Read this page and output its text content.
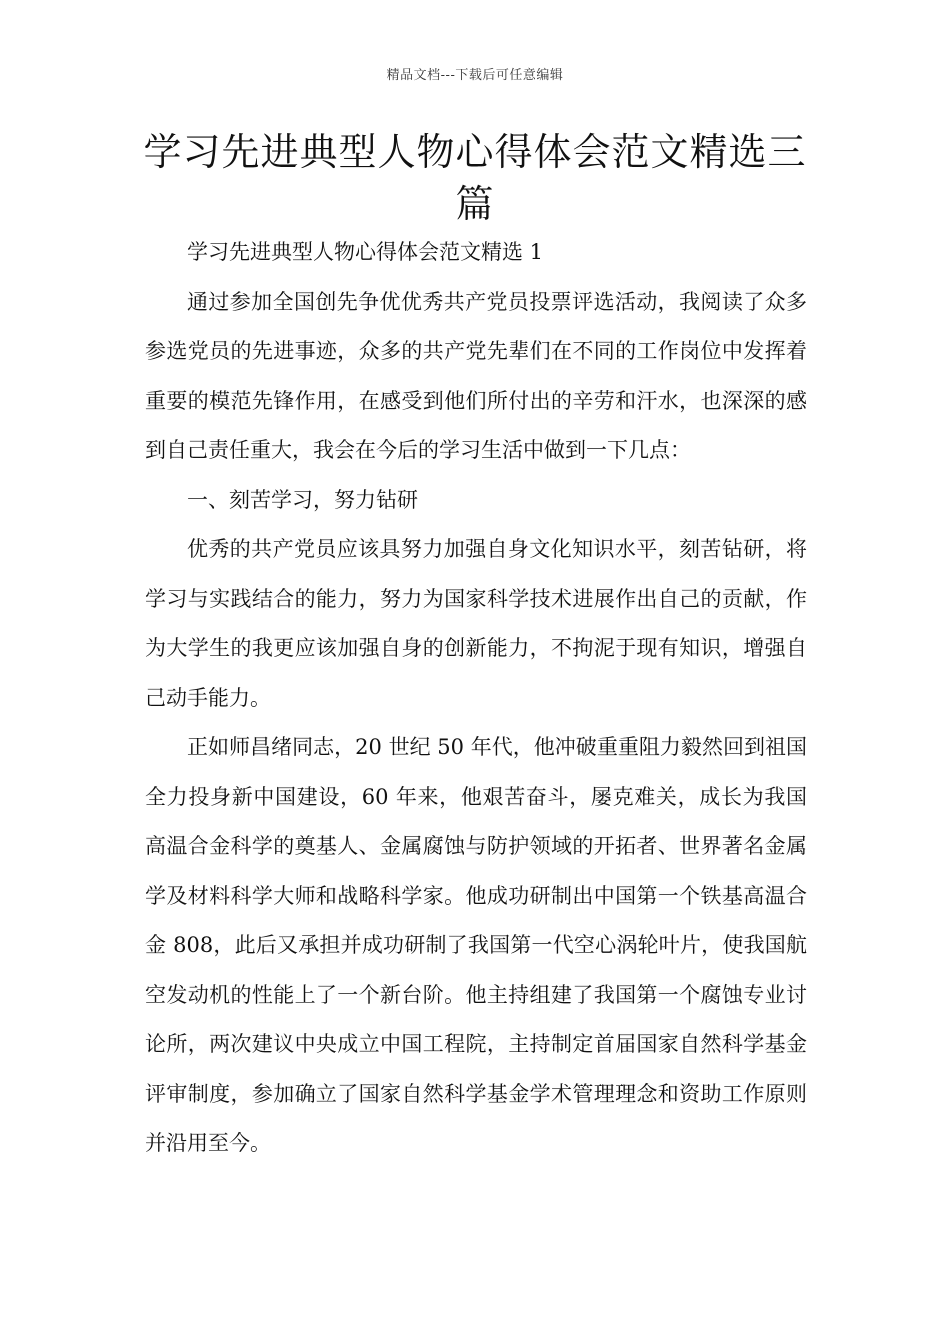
精品文档---下载后可任意编辑
学习先进典型人物心得体会范文精选三篇

学习先进典型人物心得体会范文精选 1

通过参加全国创先争优优秀共产党员投票评选活动，我阅读了众多参选党员的先进事迹，众多的共产党先辈们在不同的工作岗位中发挥着重要的模范先锋作用，在感受到他们所付出的辛劳和汗水，也深深的感到自己责任重大，我会在今后的学习生活中做到一下几点：

一、刻苦学习，努力钻研

优秀的共产党员应该具努力加强自身文化知识水平，刻苦钻研，将学习与实践结合的能力，努力为国家科学技术进展作出自己的贡献，作为大学生的我更应该加强自身的创新能力，不拘泥于现有知识，增强自己动手能力。

正如师昌绪同志，20 世纪 50 年代，他冲破重重阻力毅然回到祖国全力投身新中国建设，60 年来，他艰苦奋斗，屡克难关，成长为我国高温合金科学的奠基人、金属腐蚀与防护领域的开拓者、世界著名金属学及材料科学大师和战略科学家。他成功研制出中国第一个铁基高温合金 808，此后又承担并成功研制了我国第一代空心涡轮叶片，使我国航空发动机的性能上了一个新台阶。他主持组建了我国第一个腐蚀专业讨论所，两次建议中央成立中国工程院，主持制定首届国家自然科学基金评审制度，参加确立了国家自然科学基金学术管理理念和资助工作原则并沿用至今。
